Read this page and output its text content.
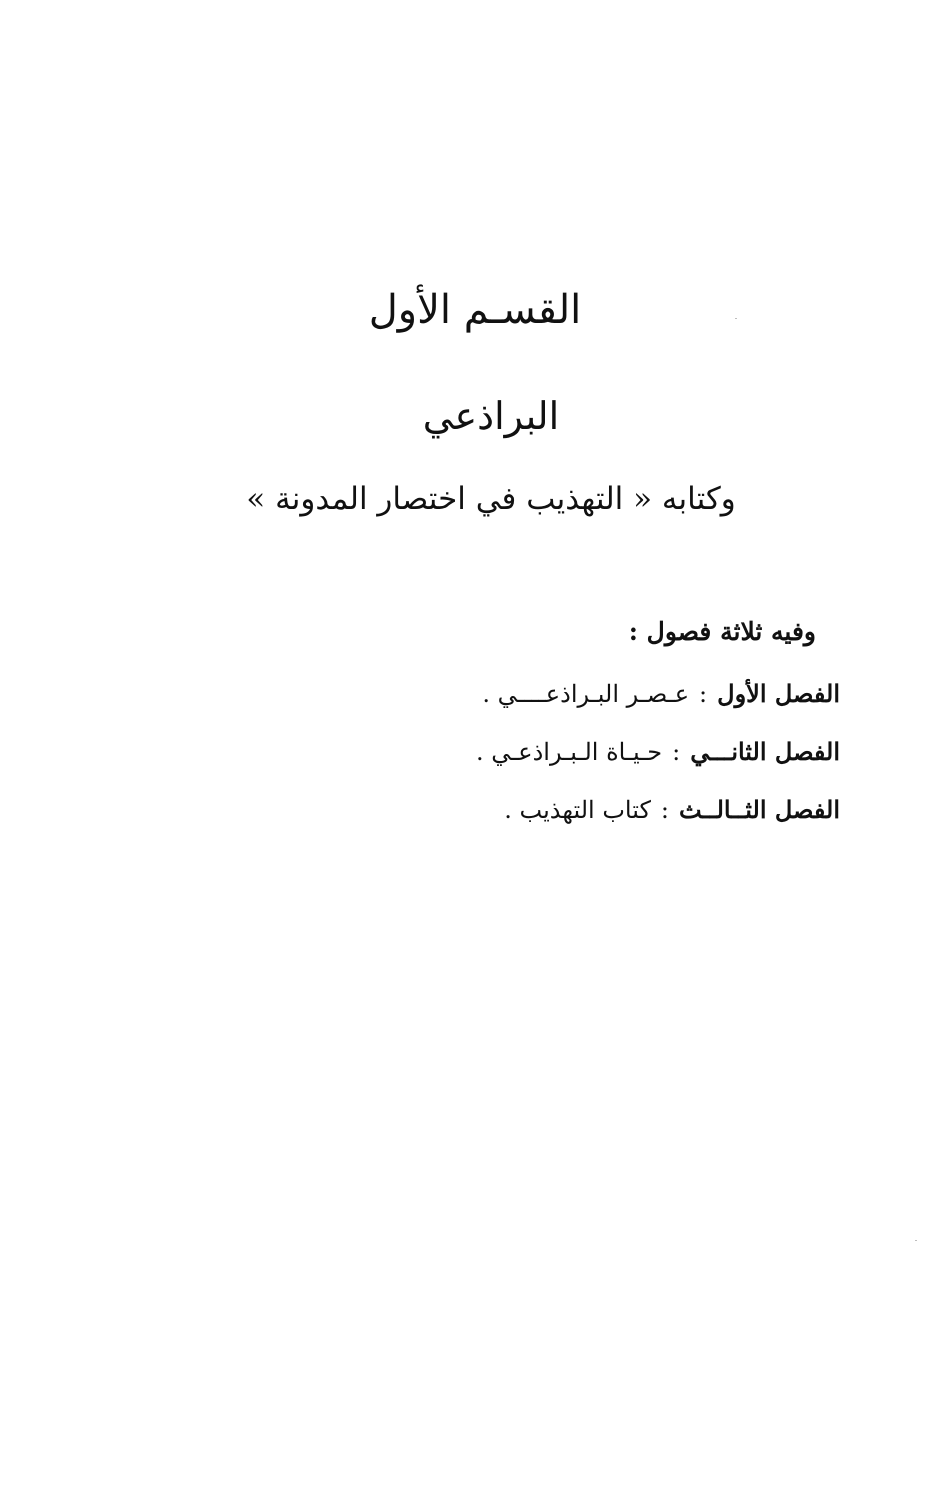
القسـم الأول
البراذعي
وكتابه « التهذيب في اختصار المدونة »
وفيه ثلاثة فصول :
الفصل الأول:عـصـر البـراذعــــي .
الفصل الثانـــي:حـيـاة الـبـراذعـي .
الفصل الثــالــث:كتاب التهذيب .
